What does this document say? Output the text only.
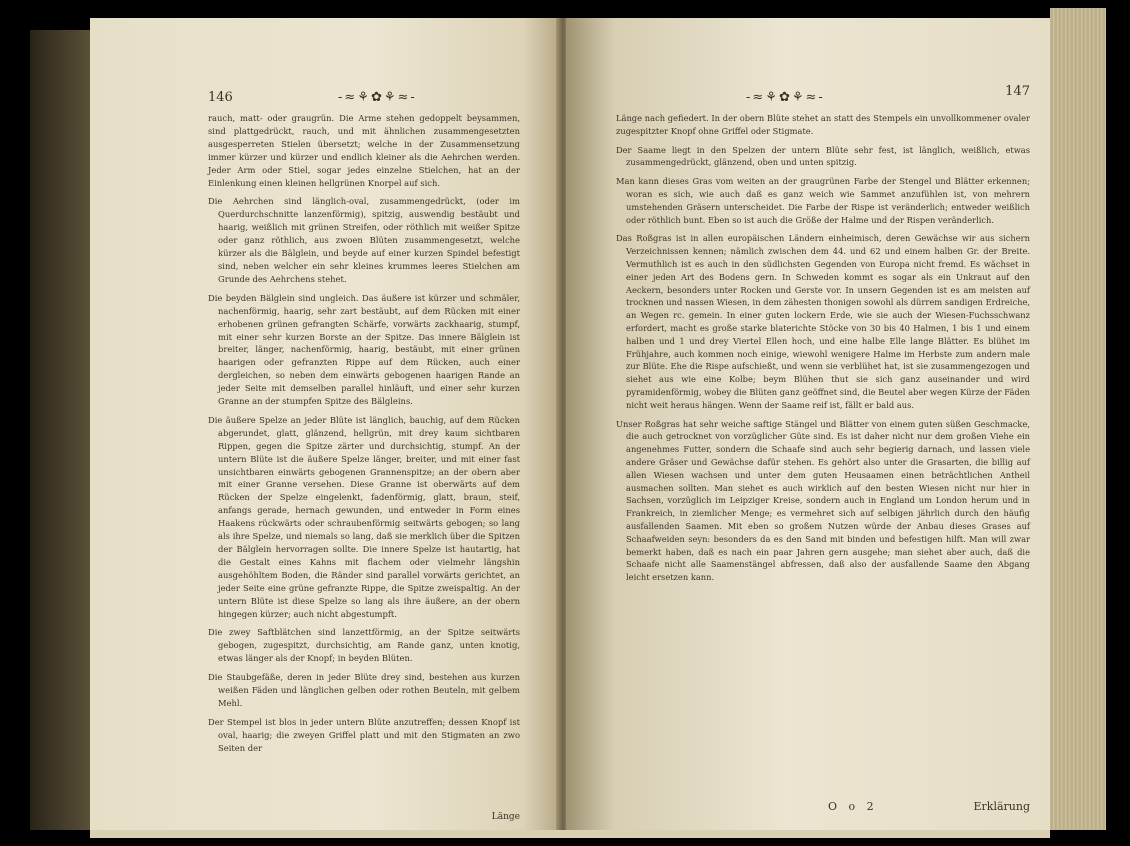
146	-≈⚘✿⚘≈-

rauch, matt- oder graugrün. Die Arme stehen gedoppelt beysammen, sind plattgedrückt, rauch, und mit ähnlichen zusammengesetzten ausgesperreten Stielen übersetzt; welche in der Zusammensetzung immer kürzer und kürzer und endlich kleiner als die Aehrchen werden. Jeder Arm oder Stiel, sogar jedes einzelne Stielchen, hat an der Einlenkung einen kleinen hellgrünen Knorpel auf sich.

Die Aehrchen sind länglich-oval, zusammengedrückt, (oder im Querdurchschnitte lanzenförmig), spitzig, auswendig bestäubt und haarig, weißlich mit grünen Streifen, oder röthlich mit weißer Spitze oder ganz röthlich, aus zwoen Blüten zusammengesetzt, welche kürzer als die Bälglein, und beyde auf einer kurzen Spindel befestigt sind, neben welcher ein sehr kleines krummes leeres Stielchen am Grunde des Aehrchens stehet.

Die beyden Bälglein sind ungleich. Das äußere ist kürzer und schmäler, nachenförmig, haarig, sehr zart bestäubt, auf dem Rücken mit einer erhobenen grünen gefrangten Schärfe, vorwärts zackhaarig, stumpf, mit einer sehr kurzen Borste an der Spitze. Das innere Bälglein ist breiter, länger, nachenförmig, haarig, bestäubt, mit einer grünen haarigen oder gefranzten Rippe auf dem Rücken, auch einer dergleichen, so neben dem einwärts gebogenen haarigen Rande an jeder Seite mit demselben parallel hinläuft, und einer sehr kurzen Granne an der stumpfen Spitze des Bälgleins.

Die äußere Spelze an jeder Blüte ist länglich, bauchig, auf dem Rücken abgerundet, glatt, glänzend, hellgrün, mit drey kaum sichtbaren Rippen, gegen die Spitze zärter und durchsichtig, stumpf. An der untern Blüte ist die äußere Spelze länger, breiter, und mit einer fast unsichtbaren einwärts gebogenen Grannenspitze; an der obern aber mit einer Granne versehen. Diese Granne ist oberwärts auf dem Rücken der Spelze eingelenkt, fadenförmig, glatt, braun, steif, anfangs gerade, hernach gewunden, und entweder in Form eines Haakens rückwärts oder schraubenförmig seitwärts gebogen; so lang als ihre Spelze, und niemals so lang, daß sie merklich über die Spitzen der Bälglein hervorragen sollte. Die innere Spelze ist hautartig, hat die Gestalt eines Kahns mit flachem oder vielmehr längshin ausgehöhltem Boden, die Ränder sind parallel vorwärts gerichtet, an jeder Seite eine grüne gefranzte Rippe, die Spitze zweispaltig. An der untern Blüte ist diese Spelze so lang als ihre äußere, an der obern hingegen kürzer; auch nicht abgestumpft.

Die zwey Saftblätchen sind lanzettförmig, an der Spitze seitwärts gebogen, zugespitzt, durchsichtig, am Rande ganz, unten knotig, etwas länger als der Knopf; in beyden Blüten.

Die Staubgefäße, deren in jeder Blüte drey sind, bestehen aus kurzen weißen Fäden und länglichen gelben oder rothen Beuteln, mit gelbem Mehl.

Der Stempel ist blos in jeder untern Blüte anzutreffen; dessen Knopf ist oval, haarig; die zweyen Griffel platt und mit den Stigmaten an zwo Seiten der

Länge
-≈⚘✿⚘≈-	147

Länge nach gefiedert. In der obern Blüte stehet an statt des Stempels ein unvollkommener ovaler zugespitzter Knopf ohne Griffel oder Stigmate.

Der Saame liegt in den Spelzen der untern Blüte sehr fest, ist länglich, weißlich, etwas zusammengedrückt, glänzend, oben und unten spitzig.

Man kann dieses Gras vom weiten an der graugrünen Farbe der Stengel und Blätter erkennen; woran es sich, wie auch daß es ganz weich wie Sammet anzufühlen ist, von mehrern umstehenden Gräsern unterscheidet. Die Farbe der Rispe ist veränderlich; entweder weißlich oder röthlich bunt. Eben so ist auch die Größe der Halme und der Rispen veränderlich.

Das Roßgras ist in allen europäischen Ländern einheimisch, deren Gewächse wir aus sichern Verzeichnissen kennen; nämlich zwischen dem 44. und 62 und einem halben Gr. der Breite. Vermuthlich ist es auch in den südlichsten Gegenden von Europa nicht fremd. Es wächset in einer jeden Art des Bodens gern. In Schweden kommt es sogar als ein Unkraut auf den Aeckern, besonders unter Rocken und Gerste vor. In unsern Gegenden ist es am meisten auf trocknen und nassen Wiesen, in dem zähesten thonigen sowohl als dürrem sandigen Erdreiche, an Wegen rc. gemein. In einer guten lockern Erde, wie sie auch der Wiesen-Fuchsschwanz erfordert, macht es große starke blaterichte Stöcke von 30 bis 40 Halmen, 1 bis 1 und einem halben und 1 und drey Viertel Ellen hoch, und eine halbe Elle lange Blätter. Es blühet im Frühjahre, auch kommen noch einige, wiewohl wenigere Halme im Herbste zum andern male zur Blüte. Ehe die Rispe aufschießt, und wenn sie verblühet hat, ist sie zusammengezogen und siehet aus wie eine Kolbe; beym Blühen thut sie sich ganz auseinander und wird pyramidenförmig, wobey die Blüten ganz geöffnet sind, die Beutel aber wegen Kürze der Fäden nicht weit heraus hängen. Wenn der Saame reif ist, fällt er bald aus.

Unser Roßgras hat sehr weiche saftige Stängel und Blätter von einem guten süßen Geschmacke, die auch getrocknet von vorzüglicher Güte sind. Es ist daher nicht nur dem großen Viehe ein angenehmes Futter, sondern die Schaafe sind auch sehr begierig darnach, und lassen viele andere Gräser und Gewächse dafür stehen. Es gehört also unter die Grasarten, die billig auf allen Wiesen wachsen und unter dem guten Heusaamen einen beträchtlichen Antheil ausmachen sollten. Man siehet es auch wirklich auf den besten Wiesen nicht nur hier in Sachsen, vorzüglich im Leipziger Kreise, sondern auch in England um London herum und in Frankreich, in ziemlicher Menge; es vermehret sich auf selbigen jährlich durch den häufig ausfallenden Saamen. Mit eben so großem Nutzen würde der Anbau dieses Grases auf Schaafweiden seyn: besonders da es den Sand mit binden und befestigen hilft. Man will zwar bemerkt haben, daß es nach ein paar Jahren gern ausgehe; man siehet aber auch, daß die Schaafe nicht alle Saamenstängel abfressen, daß also der ausfallende Saame den Abgang leicht ersetzen kann.

O o 2	Erklärung
